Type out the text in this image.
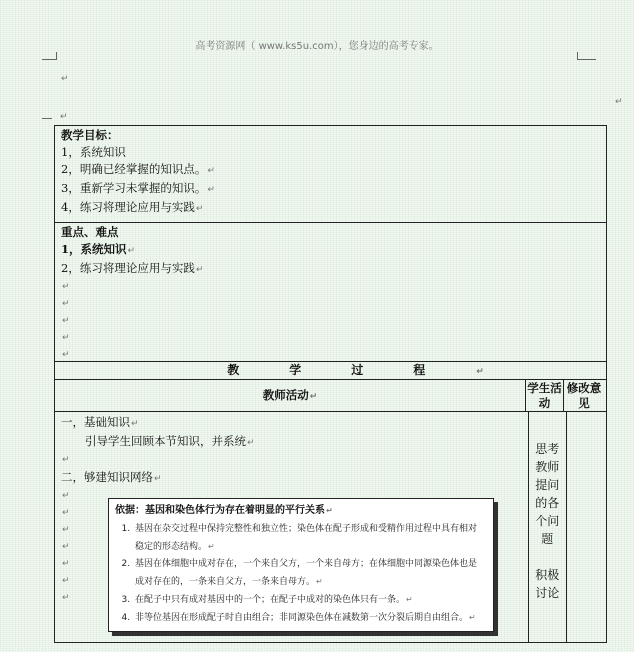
高考资源网（ www.ks5u.com），您身边的高考专家。
↵
↵
↵
教学目标：
1，系统知识
2，明确已经掌握的知识点。↵
3，重新学习未掌握的知识。↵
4，练习将理论应用与实践↵
重点、难点
1，系统知识↵
2，练习将理论应用与实践↵
↵
↵
↵
↵
↵
教学过程↵
教师活动↵
学生活动
修改意见
一，基础知识↵
引导学生回顾本节知识，并系统↵
↵
二，够建知识网络↵
↵
↵
↵
↵
↵
↵
↵
依据：基因和染色体行为存在着明显的平行关系↵
1. 基因在杂交过程中保持完整性和独立性；染色体在配子形成和受精作用过程中具有相对稳定的形态结构。↵
2. 基因在体细胞中成对存在，一个来自父方，一个来自母方；在体细胞中同源染色体也是成对存在的，一条来自父方，一条来自母方。↵
3. 在配子中只有成对基因中的一个；在配子中成对的染色体只有一条。↵
4. 非等位基因在形成配子时自由组合；非同源染色体在减数第一次分裂后期自由组合。↵
思考
教师
提问
的各
个问
题
积极
讨论
